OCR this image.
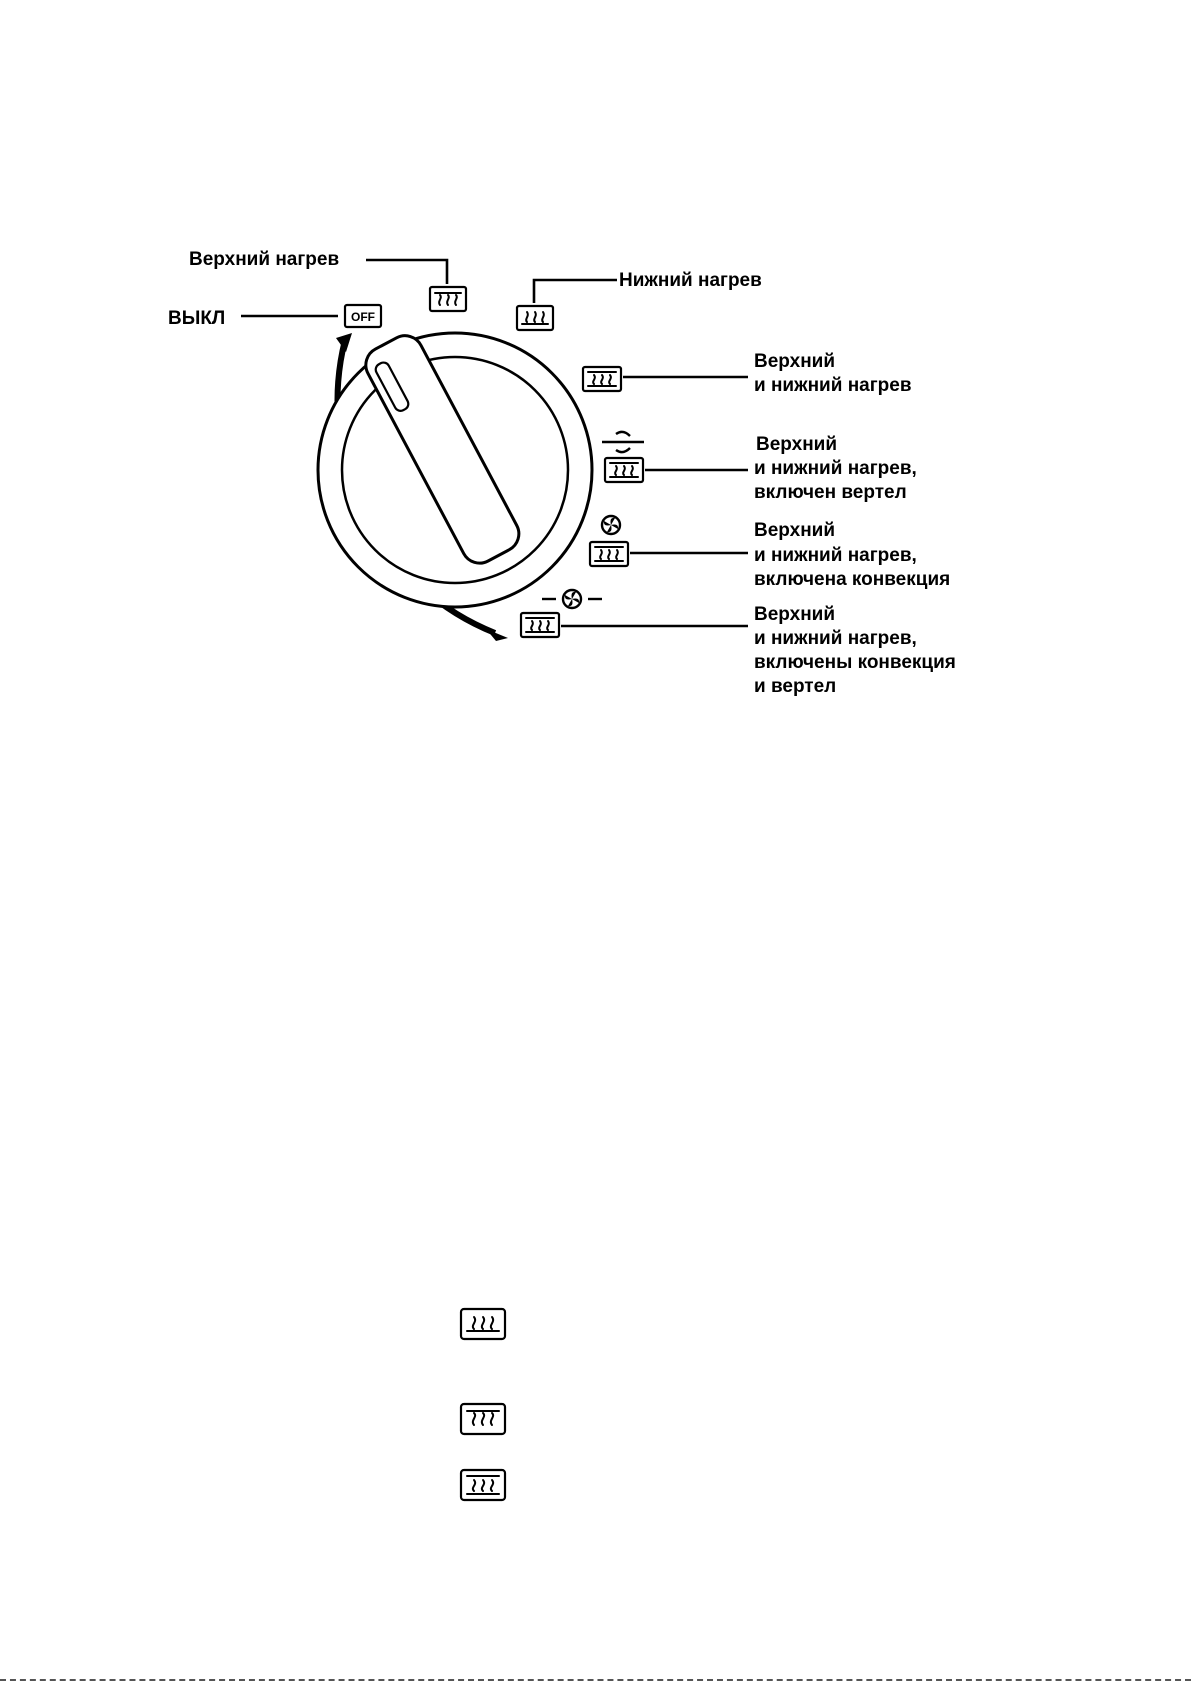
ВЫКЛ	OFF
Верхний нагрев
Нижний нагрев
Верхний
и нижний нагрев
Верхний
и нижний нагрев,
включен вертел
Верхний
и нижний нагрев,
включена конвекция
Верхний
и нижний нагрев,
включены конвекция
и вертел
